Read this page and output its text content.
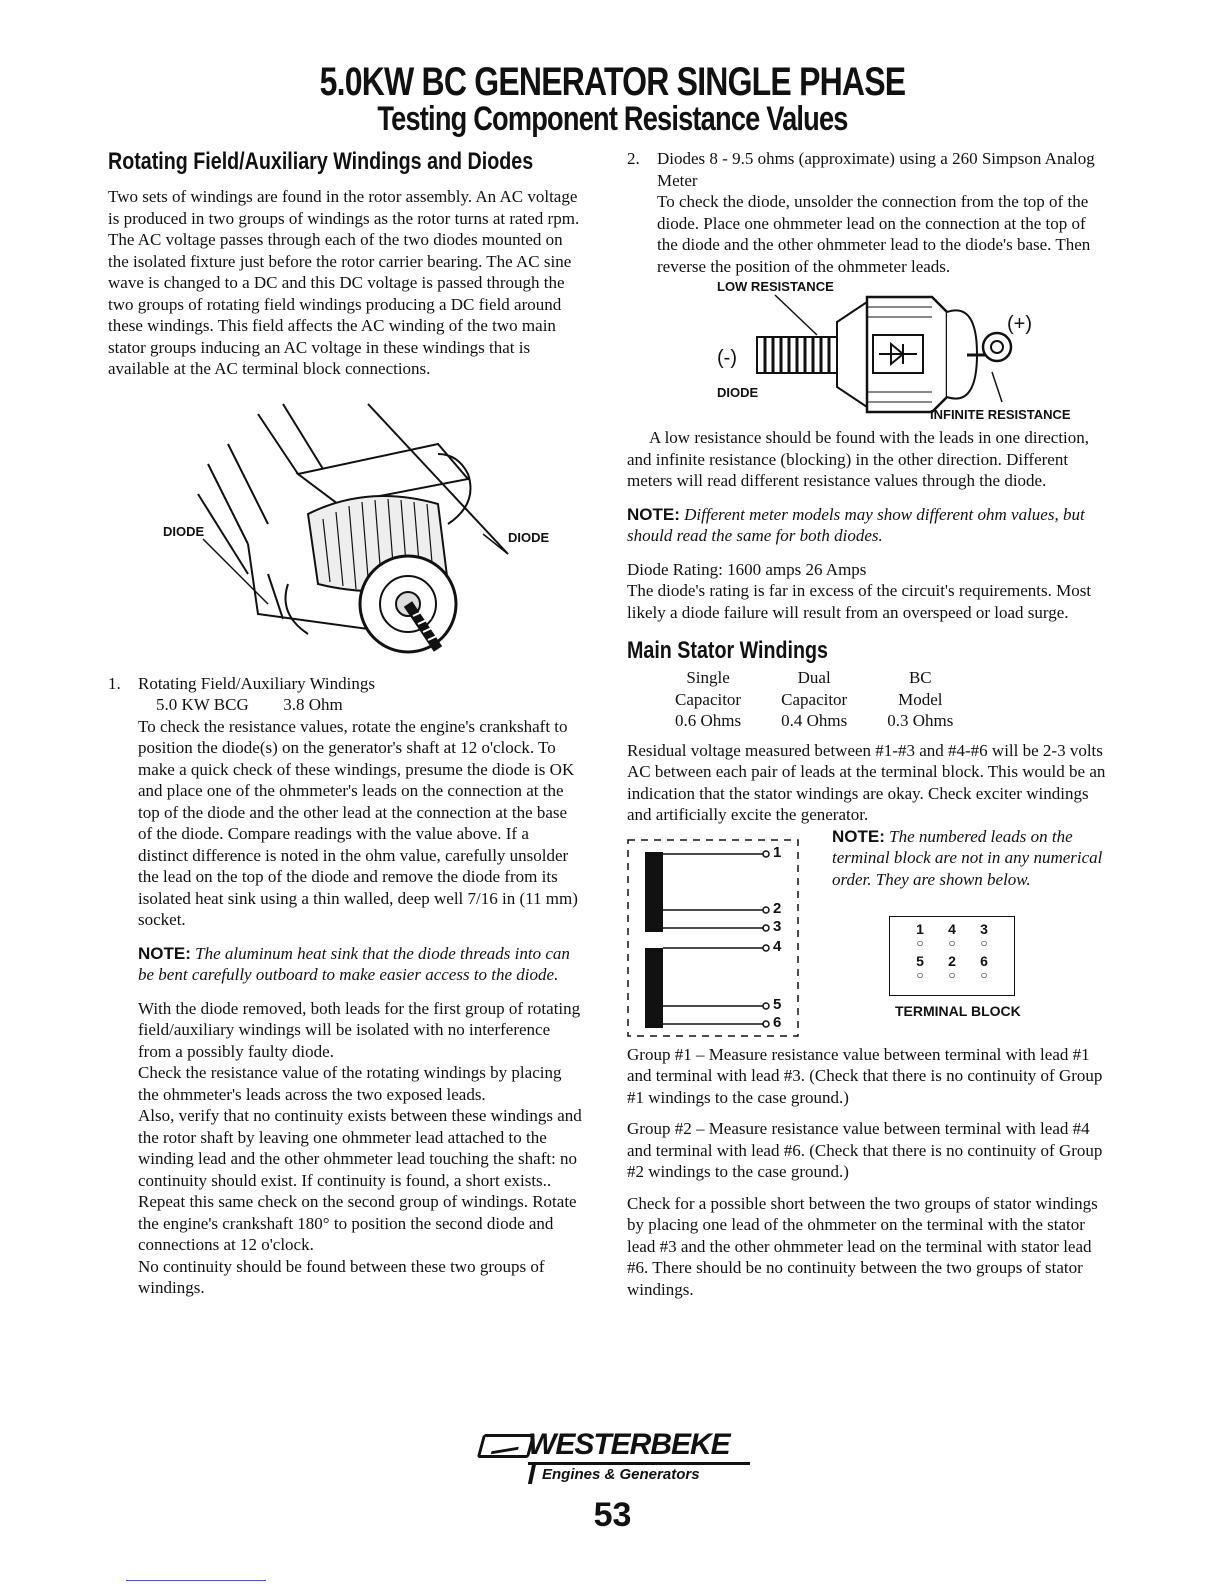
5.0KW BC GENERATOR SINGLE PHASE
Testing Component Resistance Values
Rotating Field/Auxiliary Windings and Diodes

Two sets of windings are found in the rotor assembly. An AC voltage is produced in two groups of windings as the rotor turns at rated rpm. The AC voltage passes through each of the two diodes mounted on the isolated fixture just before the rotor carrier bearing. The AC sine wave is changed to a DC and this DC voltage is passed through the two groups of rotating field windings producing a DC field around these windings. This field affects the AC winding of the two main stator groups inducing an AC voltage in these windings that is available at the AC terminal block connections.

DIODE	DIODE
1. Rotating Field/Auxiliary Windings

5.0 KW BCG 3.8 Ohm

To check the resistance values, rotate the engine's crankshaft to position the diode(s) on the generator's shaft at 12 o'clock. To make a quick check of these windings, presume the diode is OK and place one of the ohmmeter's leads on the connection at the top of the diode and the other lead at the connection at the base of the diode. Compare readings with the value above. If a distinct difference is noted in the ohm value, carefully unsolder the lead on the top of the diode and remove the diode from its isolated heat sink using a thin walled, deep well 7/16 in (11 mm) socket.

NOTE: The aluminum heat sink that the diode threads into can be bent carefully outboard to make easier access to the diode.

With the diode removed, both leads for the first group of rotating field/auxiliary windings will be isolated with no interference from a possibly faulty diode.

Check the resistance value of the rotating windings by placing the ohmmeter's leads across the two exposed leads.

Also, verify that no continuity exists between these windings and the rotor shaft by leaving one ohmmeter lead attached to the winding lead and the other ohmmeter lead touching the shaft: no continuity should exist. If continuity is found, a short exists..

Repeat this same check on the second group of windings. Rotate the engine's crankshaft 180° to position the second diode and connections at 12 o'clock.

No continuity should be found between these two groups of windings.

2. Diodes 8 - 9.5 ohms (approximate) using a 260 Simpson Analog Meter

To check the diode, unsolder the connection from the top of the diode. Place one ohmmeter lead on the connection at the top of the diode and the other ohmmeter lead to the diode's base. Then reverse the position of the ohmmeter leads.

LOW RESISTANCE
(-)
(+)
DIODE
INFINITE RESISTANCE

A low resistance should be found with the leads in one direction, and infinite resistance (blocking) in the other direction. Different meters will read different resistance values through the diode.

NOTE: Different meter models may show different ohm values, but should read the same for both diodes.

Diode Rating: 1600 amps 26 Amps

The diode's rating is far in excess of the circuit's requirements. Most likely a diode failure will result from an overspeed or load surge.

Main Stator Windings
Single	Dual	BC
Capacitor	Capacitor	Model
0.6 Ohms	0.4 Ohms	0.3 Ohms

Residual voltage measured between #1-#3 and #4-#6 will be 2-3 volts AC between each pair of leads at the terminal block. This would be an indication that the stator windings are okay. Check exciter windings and artificially excite the generator.

1
2
3
4
5
6

NOTE: The numbered leads on the terminal block are not in any numerical order. They are shown below.

1 4 3
○ ○ ○
5 2 6
○ ○ ○
TERMINAL BLOCK

Group #1 – Measure resistance value between terminal with lead #1 and terminal with lead #3. (Check that there is no continuity of Group #1 windings to the case ground.)

Group #2 – Measure resistance value between terminal with lead #4 and terminal with lead #6. (Check that there is no continuity of Group #2 windings to the case ground.)

Check for a possible short between the two groups of stator windings by placing one lead of the ohmmeter on the terminal with the stator lead #3 and the other ohmmeter lead on the terminal with stator lead #6. There should be no continuity between the two groups of stator windings.

WESTERBEKE
Engines & Generators
53
